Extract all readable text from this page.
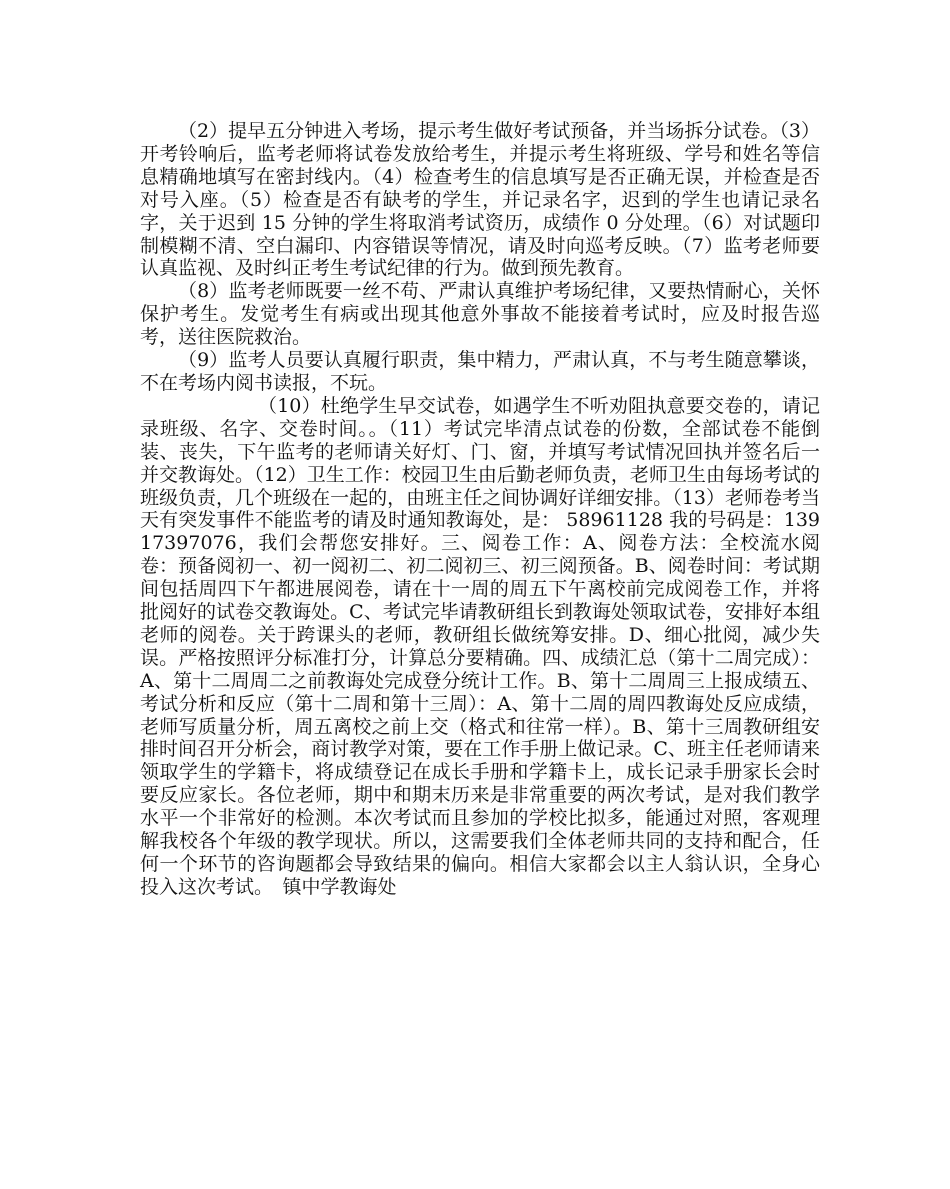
（2）提早五分钟进入考场，提示考生做好考试预备，并当场拆分试卷。（3）开考铃响后，监考老师将试卷发放给考生，并提示考生将班级、学号和姓名等信息精确地填写在密封线内。（4）检查考生的信息填写是否正确无误，并检查是否对号入座。（5）检查是否有缺考的学生，并记录名字，迟到的学生也请记录名字，关于迟到 15 分钟的学生将取消考试资历，成绩作 0 分处理。（6）对试题印制模糊不清、空白漏印、内容错误等情况，请及时向巡考反映。（7）监考老师要认真监视、及时纠正考生考试纪律的行为。做到预先教育。

（8）监考老师既要一丝不苟、严肃认真维护考场纪律，又要热情耐心，关怀保护考生。发觉考生有病或出现其他意外事故不能接着考试时，应及时报告巡考，送往医院救治。

（9）监考人员要认真履行职责，集中精力，严肃认真，不与考生随意攀谈，不在考场内阅书读报，不玩。

（10）杜绝学生早交试卷，如遇学生不听劝阻执意要交卷的，请记录班级、名字、交卷时间。。（11）考试完毕清点试卷的份数，全部试卷不能倒装、丧失，下午监考的老师请关好灯、门、窗，并填写考试情况回执并签名后一并交教诲处。（12）卫生工作：校园卫生由后勤老师负责，老师卫生由每场考试的班级负责，几个班级在一起的，由班主任之间协调好详细安排。（13）老师卷考当天有突发事件不能监考的请及时通知教诲处，是： 58961128 我的号码是：13917397076，我们会帮您安排好。三、阅卷工作：A、阅卷方法：全校流水阅卷：预备阅初一、初一阅初二、初二阅初三、初三阅预备。B、阅卷时间：考试期间包括周四下午都进展阅卷，请在十一周的周五下午离校前完成阅卷工作，并将批阅好的试卷交教诲处。C、考试完毕请教研组长到教诲处领取试卷，安排好本组老师的阅卷。关于跨课头的老师，教研组长做统筹安排。D、细心批阅，减少失误。严格按照评分标准打分，计算总分要精确。四、成绩汇总（第十二周完成）：A、第十二周周二之前教诲处完成登分统计工作。B、第十二周周三上报成绩五、考试分析和反应（第十二周和第十三周）：A、第十二周的周四教诲处反应成绩，老师写质量分析，周五离校之前上交（格式和往常一样）。B、第十三周教研组安排时间召开分析会，商讨教学对策，要在工作手册上做记录。C、班主任老师请来领取学生的学籍卡，将成绩登记在成长手册和学籍卡上，成长记录手册家长会时要反应家长。各位老师，期中和期末历来是非常重要的两次考试，是对我们教学水平一个非常好的检测。本次考试而且参加的学校比拟多，能通过对照，客观理解我校各个年级的教学现状。所以，这需要我们全体老师共同的支持和配合，任何一个环节的咨询题都会导致结果的偏向。相信大家都会以主人翁认识，全身心投入这次考试。　镇中学教诲处
